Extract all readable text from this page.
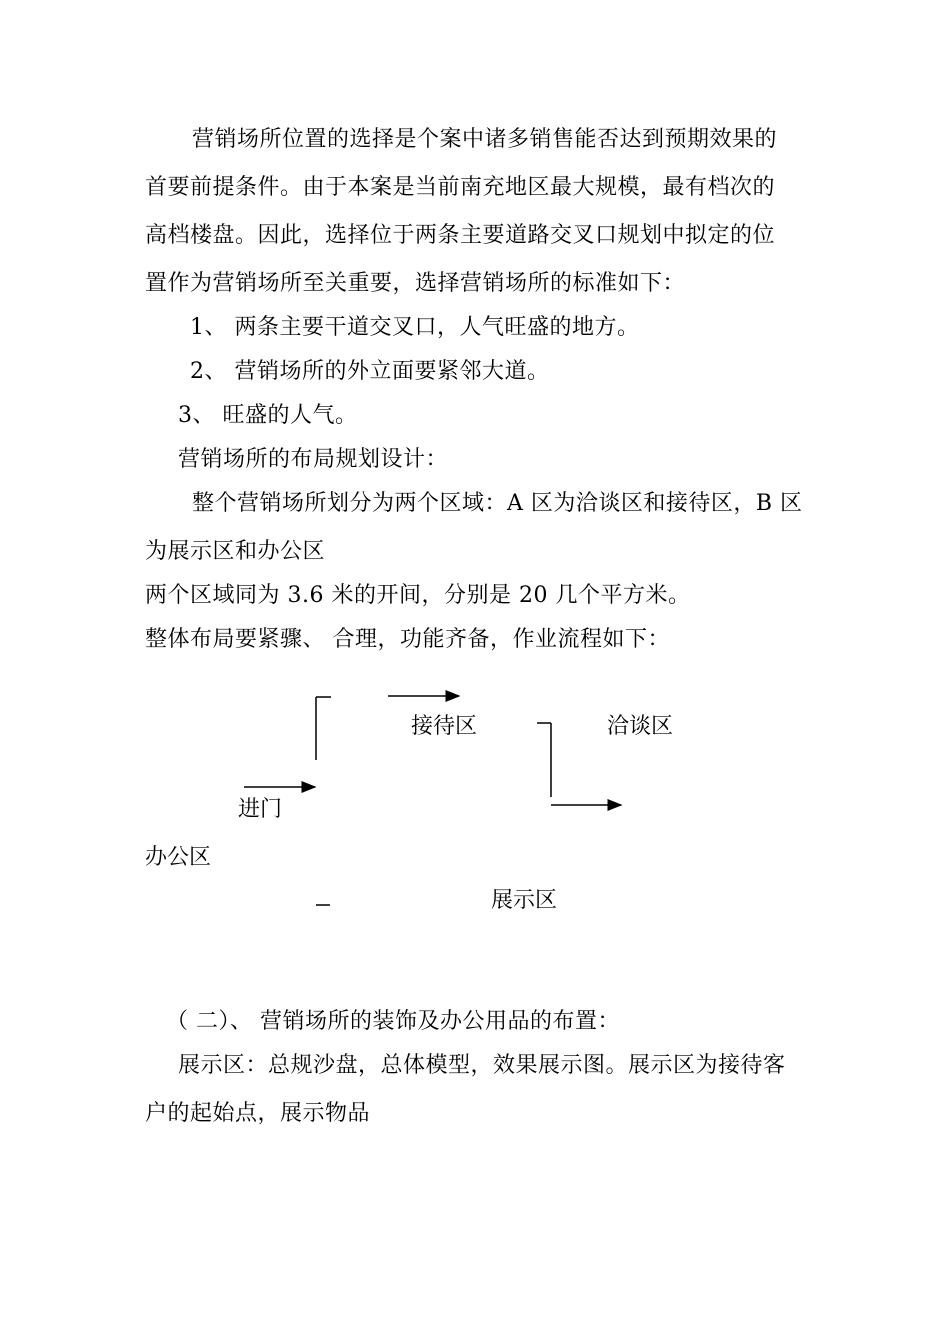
营销场所位置的选择是个案中诸多销售能否达到预期效果的
首要前提条件。由于本案是当前南充地区最大规模，最有档次的
高档楼盘。因此，选择位于两条主要道路交叉口规划中拟定的位
置作为营销场所至关重要，选择营销场所的标准如下：
1、 两条主要干道交叉口，人气旺盛的地方。
2、 营销场所的外立面要紧邻大道。
3、 旺盛的人气。
营销场所的布局规划设计：
整个营销场所划分为两个区域：A 区为洽谈区和接待区，B 区
为展示区和办公区
两个区域同为 3.6 米的开间，分别是 20 几个平方米。
整体布局要紧骤、 合理，功能齐备，作业流程如下：
进门
接待区	洽谈区
办公区
展示区
（ 二）、 营销场所的装饰及办公用品的布置：
展示区：总规沙盘，总体模型，效果展示图。展示区为接待客
户的起始点，展示物品
